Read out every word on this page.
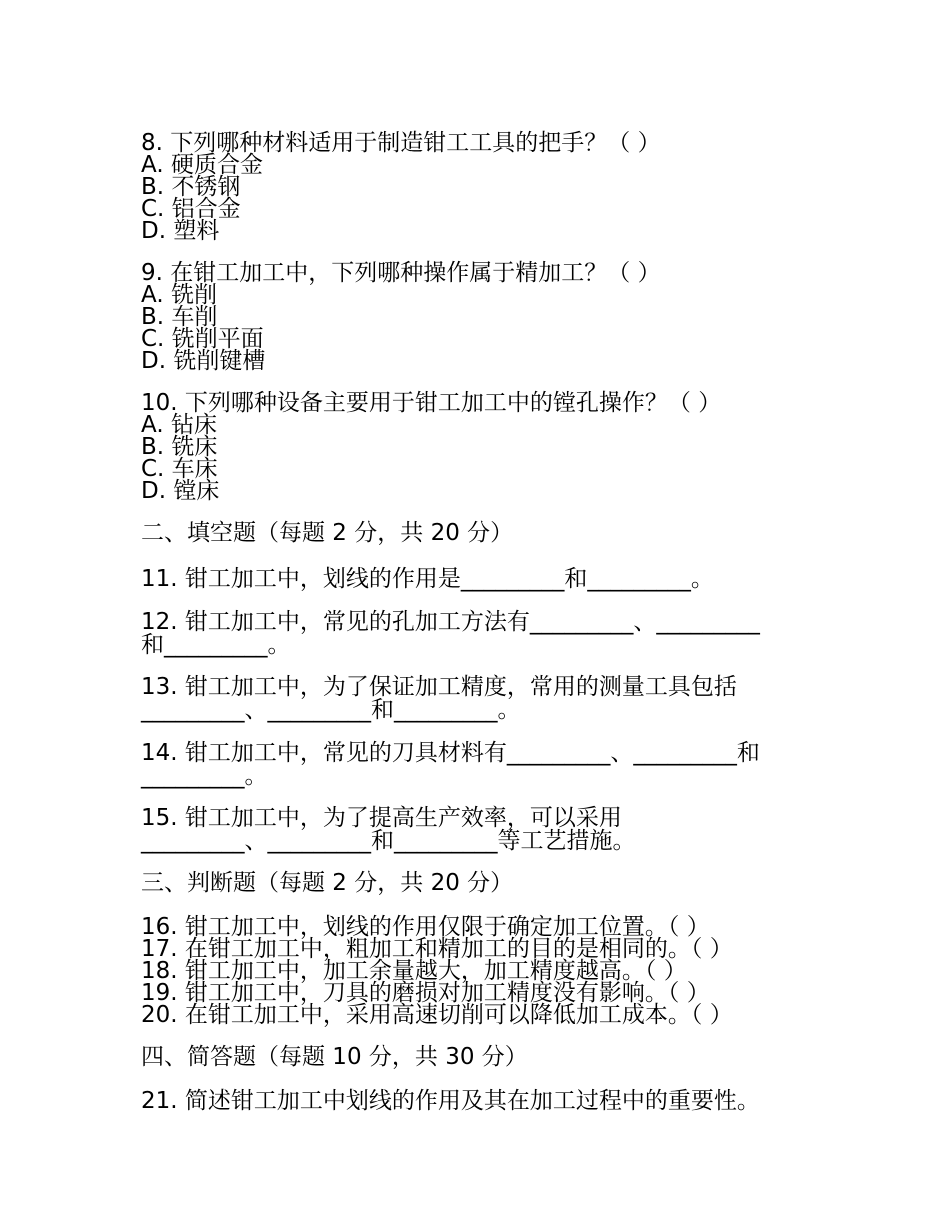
8. 下列哪种材料适用于制造钳工工具的把手？（ ）
A. 硬质合金
B. 不锈钢
C. 铝合金
D. 塑料
9. 在钳工加工中，下列哪种操作属于精加工？（ ）
A. 铣削
B. 车削
C. 铣削平面
D. 铣削键槽
10. 下列哪种设备主要用于钳工加工中的镗孔操作？（ ）
A. 钻床
B. 铣床
C. 车床
D. 镗床
二、填空题（每题 2 分，共 20 分）
11. 钳工加工中，划线的作用是_________和_________。
12. 钳工加工中，常见的孔加工方法有_________、_________
和_________。
13. 钳工加工中，为了保证加工精度，常用的测量工具包括
_________、_________和_________。
14. 钳工加工中，常见的刀具材料有_________、_________和
_________。
15. 钳工加工中，为了提高生产效率，可以采用
_________、_________和_________等工艺措施。
三、判断题（每题 2 分，共 20 分）
16. 钳工加工中，划线的作用仅限于确定加工位置。（ ）
17. 在钳工加工中，粗加工和精加工的目的是相同的。（ ）
18. 钳工加工中，加工余量越大，加工精度越高。（ ）
19. 钳工加工中，刀具的磨损对加工精度没有影响。（ ）
20. 在钳工加工中，采用高速切削可以降低加工成本。（ ）
四、简答题（每题 10 分，共 30 分）
21. 简述钳工加工中划线的作用及其在加工过程中的重要性。
